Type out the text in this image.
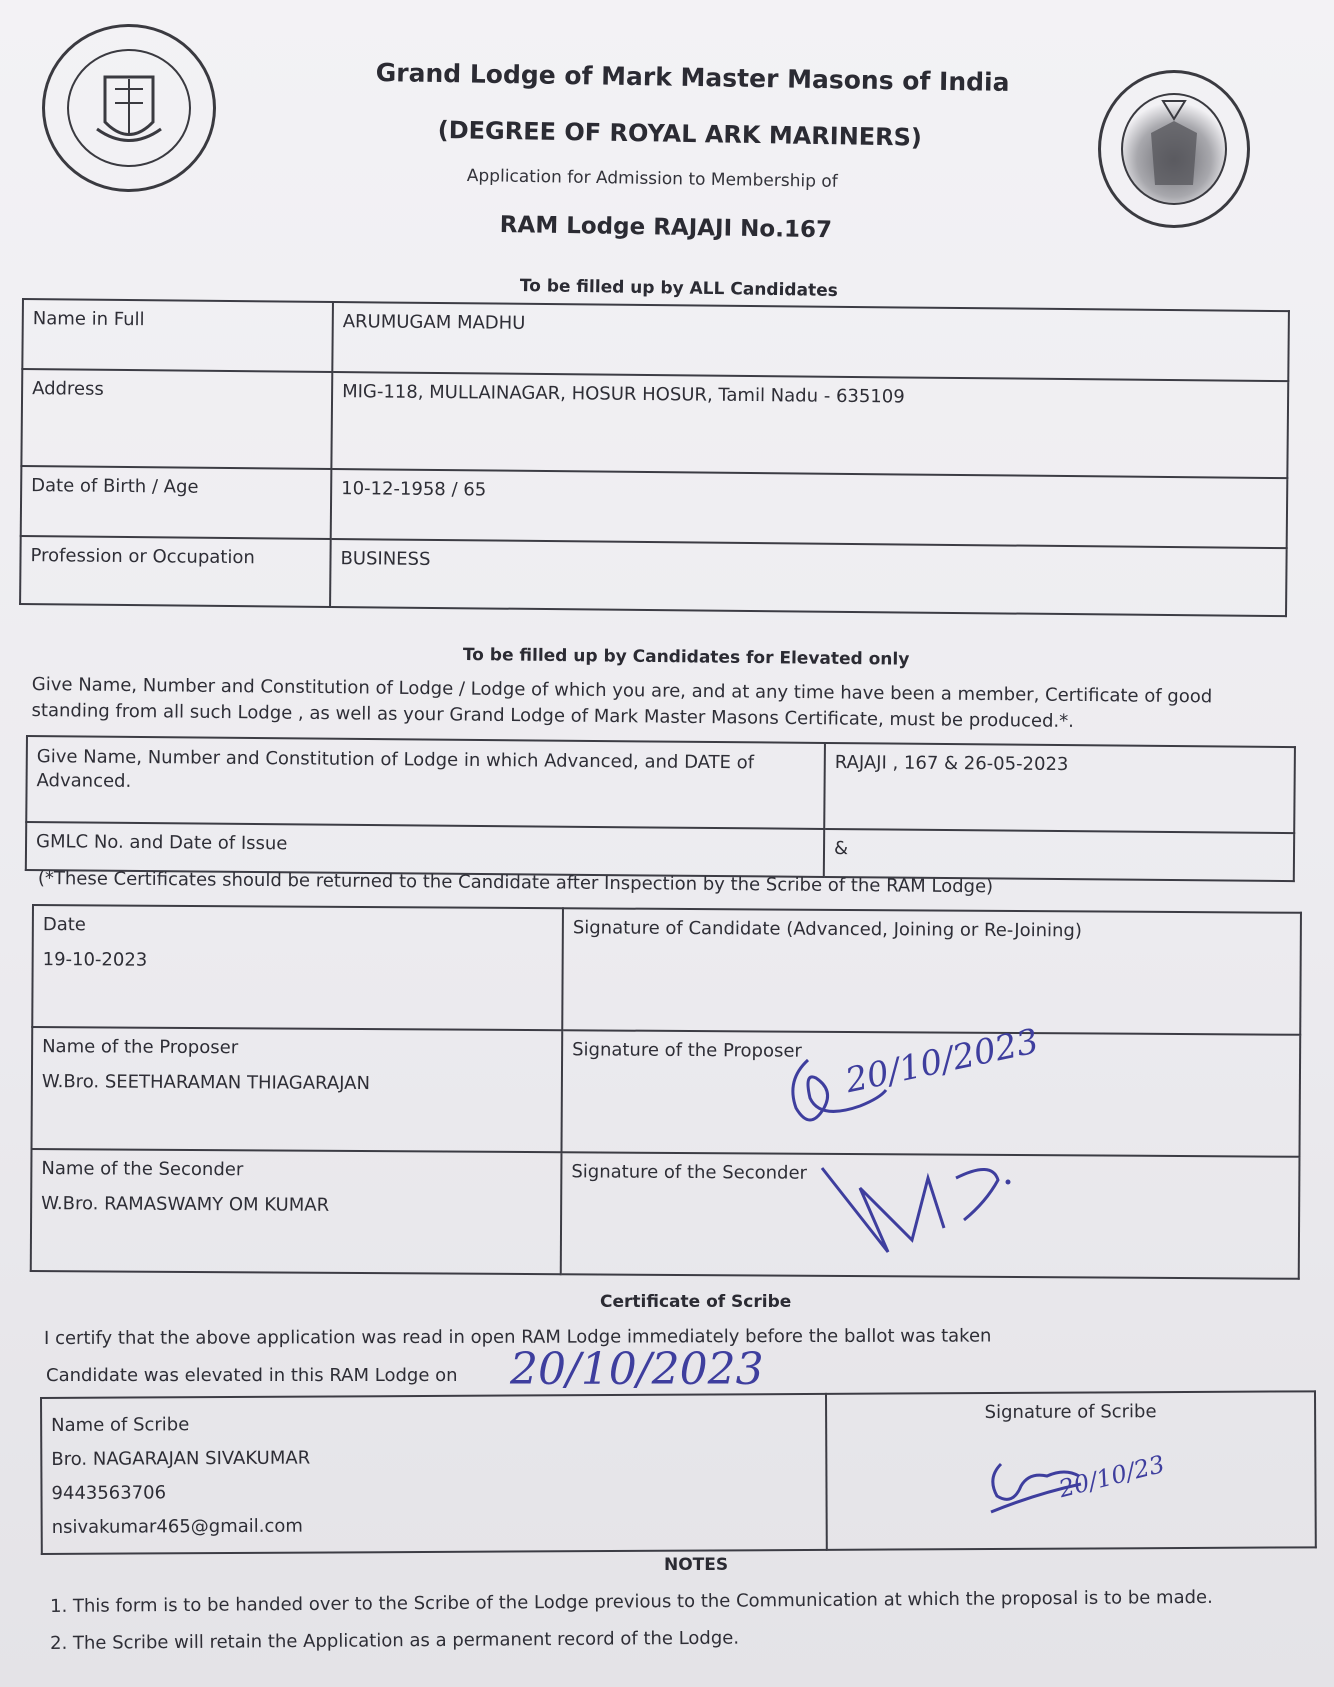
Grand Lodge of Mark Master Masons of India
(DEGREE OF ROYAL ARK MARINERS)
Application for Admission to Membership of
RAM Lodge RAJAJI No.167
To be filled up by ALL Candidates
Name in Full	ARUMUGAM MADHU
Address	MIG-118, MULLAINAGAR, HOSUR HOSUR, Tamil Nadu - 635109
Date of Birth / Age	10-12-1958 / 65
Profession or Occupation	BUSINESS
To be filled up by Candidates for Elevated only
Give Name, Number and Constitution of Lodge / Lodge of which you are, and at any time have been a member, Certificate of good standing from all such Lodge , as well as your Grand Lodge of Mark Master Masons Certificate, must be produced.*.
Give Name, Number and Constitution of Lodge in which Advanced, and DATE of Advanced.	RAJAJI , 167 & 26-05-2023
GMLC No. and Date of Issue	&
(*These Certificates should be returned to the Candidate after Inspection by the Scribe of the RAM Lodge)
Date
19-10-2023	Signature of Candidate (Advanced, Joining or Re-Joining)

Name of the Proposer
W.Bro. SEETHARAMAN THIAGARAJAN	Signature of the Proposer

Name of the Seconder
W.Bro. RAMASWAMY OM KUMAR	Signature of the Seconder
20/10/2023
Certificate of Scribe
I certify that the above application was read in open RAM Lodge immediately before the ballot was taken
Candidate was elevated in this RAM Lodge on 20/10/2023
Name of Scribe
Bro. NAGARAJAN SIVAKUMAR
9443563706
nsivakumar465@gmail.com
	Signature of Scribe
20/10/23
NOTES
1. This form is to be handed over to the Scribe of the Lodge previous to the Communication at which the proposal is to be made.
2. The Scribe will retain the Application as a permanent record of the Lodge.
